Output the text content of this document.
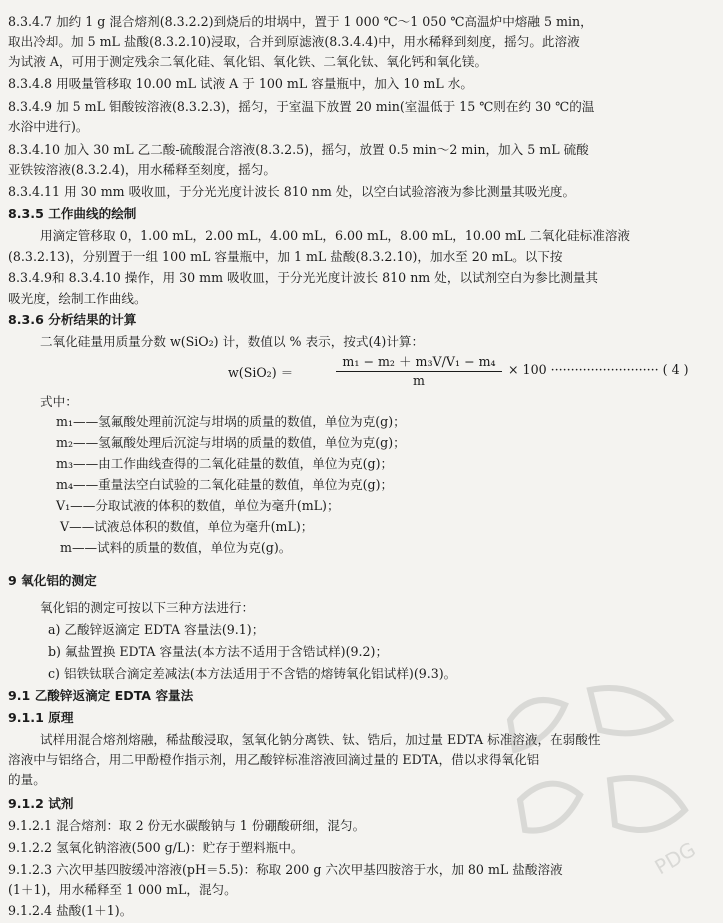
8.3.4.7 加约 1 g 混合熔剂(8.3.2.2)到烧后的坩埚中，置于 1 000 ℃～1 050 ℃高温炉中熔融 5 min，
取出冷却。加 5 mL 盐酸(8.3.2.10)浸取，合并到原滤液(8.3.4.4)中，用水稀释到刻度，摇匀。此溶液
为试液 A，可用于测定残余二氧化硅、氧化铝、氧化铁、二氧化钛、氧化钙和氧化镁。
8.3.4.8 用吸量管移取 10.00 mL 试液 A 于 100 mL 容量瓶中，加入 10 mL 水。
8.3.4.9 加 5 mL 钼酸铵溶液(8.3.2.3)，摇匀，于室温下放置 20 min(室温低于 15 ℃则在约 30 ℃的温
水浴中进行)。
8.3.4.10 加入 30 mL 乙二酸-硫酸混合溶液(8.3.2.5)，摇匀，放置 0.5 min～2 min，加入 5 mL 硫酸
亚铁铵溶液(8.3.2.4)，用水稀释至刻度，摇匀。
8.3.4.11 用 30 mm 吸收皿，于分光光度计波长 810 nm 处，以空白试验溶液为参比测量其吸光度。
8.3.5 工作曲线的绘制
用滴定管移取 0，1.00 mL，2.00 mL，4.00 mL，6.00 mL，8.00 mL，10.00 mL 二氧化硅标准溶液
(8.3.2.13)，分别置于一组 100 mL 容量瓶中，加 1 mL 盐酸(8.3.2.10)，加水至 20 mL。以下按
8.3.4.9和 8.3.4.10 操作，用 30 mm 吸收皿，于分光光度计波长 810 nm 处，以试剂空白为参比测量其
吸光度，绘制工作曲线。
8.3.6 分析结果的计算
二氧化硅量用质量分数 w(SiO₂) 计，数值以 % 表示，按式(4)计算：
w(SiO₂) ＝
m₁ − m₂ ＋ m₃V/V₁ − m₄
m
× 100 ··························· ( 4 )
式中：
m₁——氢氟酸处理前沉淀与坩埚的质量的数值，单位为克(g)；
m₂——氢氟酸处理后沉淀与坩埚的质量的数值，单位为克(g)；
m₃——由工作曲线查得的二氧化硅量的数值，单位为克(g)；
m₄——重量法空白试验的二氧化硅量的数值，单位为克(g)；
V₁——分取试液的体积的数值，单位为毫升(mL)；
V——试液总体积的数值，单位为毫升(mL)；
m——试料的质量的数值，单位为克(g)。
9 氧化铝的测定
氧化铝的测定可按以下三种方法进行：
a) 乙酸锌返滴定 EDTA 容量法(9.1)；
b) 氟盐置换 EDTA 容量法(本方法不适用于含锆试样)(9.2)；
c) 铝铁钛联合滴定差减法(本方法适用于不含锆的熔铸氧化铝试样)(9.3)。
9.1 乙酸锌返滴定 EDTA 容量法
9.1.1 原理
试样用混合熔剂熔融，稀盐酸浸取，氢氧化钠分离铁、钛、锆后，加过量 EDTA 标准溶液，在弱酸性
溶液中与铝络合，用二甲酚橙作指示剂，用乙酸锌标准溶液回滴过量的 EDTA，借以求得氧化铝
的量。
9.1.2 试剂
9.1.2.1 混合熔剂：取 2 份无水碳酸钠与 1 份硼酸研细，混匀。
9.1.2.2 氢氧化钠溶液(500 g/L)：贮存于塑料瓶中。
9.1.2.3 六次甲基四胺缓冲溶液(pH＝5.5)：称取 200 g 六次甲基四胺溶于水，加 80 mL 盐酸溶液
(1＋1)，用水稀释至 1 000 mL，混匀。
9.1.2.4 盐酸(1＋1)。
PDG
